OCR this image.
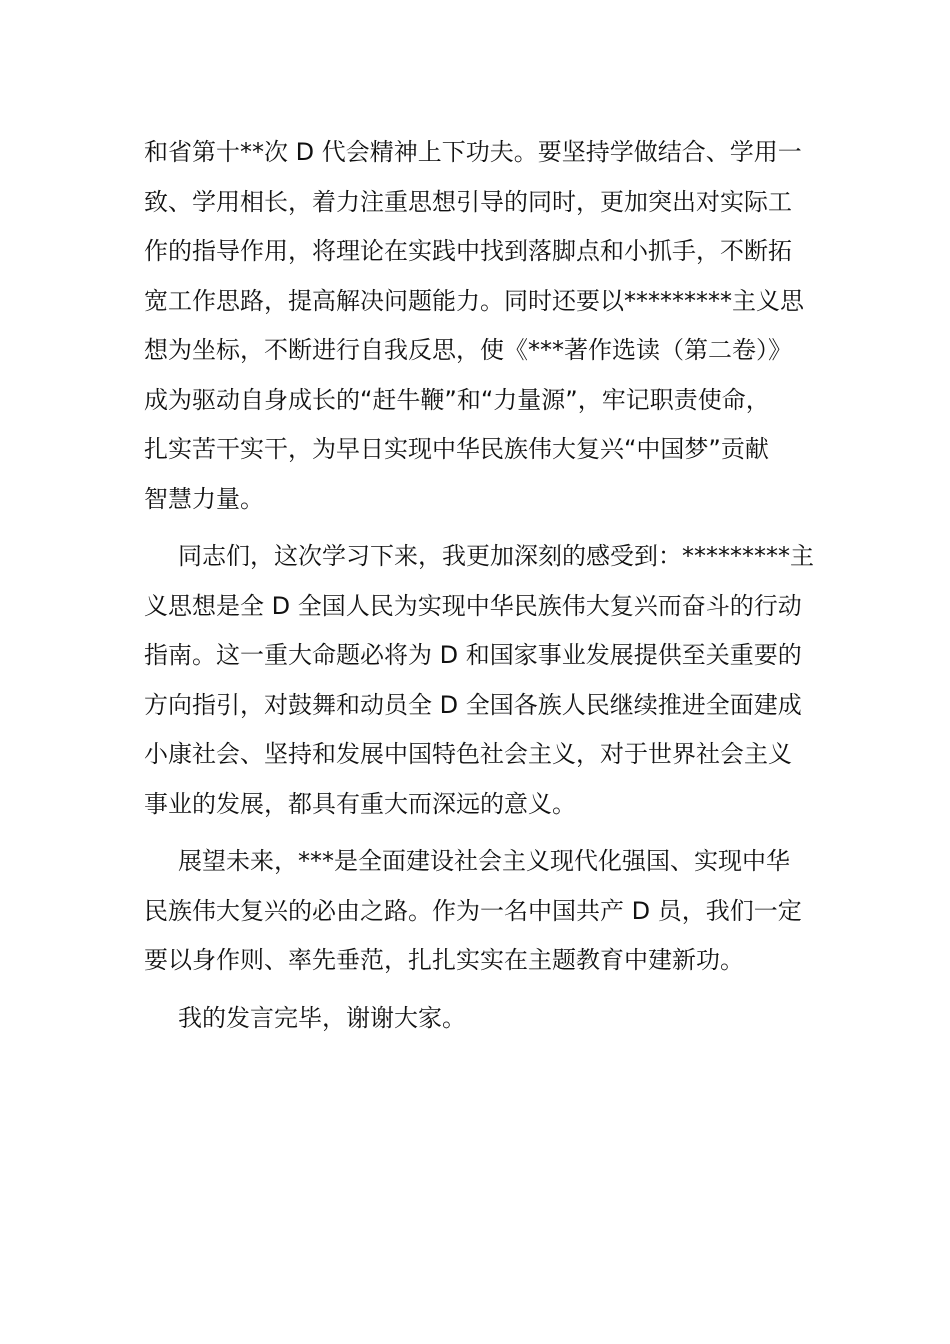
和省第十**次 D 代会精神上下功夫。要坚持学做结合、学用一
致、学用相长，着力注重思想引导的同时，更加突出对实际工
作的指导作用，将理论在实践中找到落脚点和小抓手，不断拓
宽工作思路，提高解决问题能力。同时还要以*********主义思
想为坐标，不断进行自我反思，使《***著作选读（第二卷）》
成为驱动自身成长的“赶牛鞭”和“力量源”，牢记职责使命，
扎实苦干实干，为早日实现中华民族伟大复兴“中国梦”贡献
智慧力量。
同志们，这次学习下来，我更加深刻的感受到：*********主
义思想是全 D 全国人民为实现中华民族伟大复兴而奋斗的行动
指南。这一重大命题必将为 D 和国家事业发展提供至关重要的
方向指引，对鼓舞和动员全 D 全国各族人民继续推进全面建成
小康社会、坚持和发展中国特色社会主义，对于世界社会主义
事业的发展，都具有重大而深远的意义。
展望未来，***是全面建设社会主义现代化强国、实现中华
民族伟大复兴的必由之路。作为一名中国共产 D 员，我们一定
要以身作则、率先垂范，扎扎实实在主题教育中建新功。
我的发言完毕，谢谢大家。
